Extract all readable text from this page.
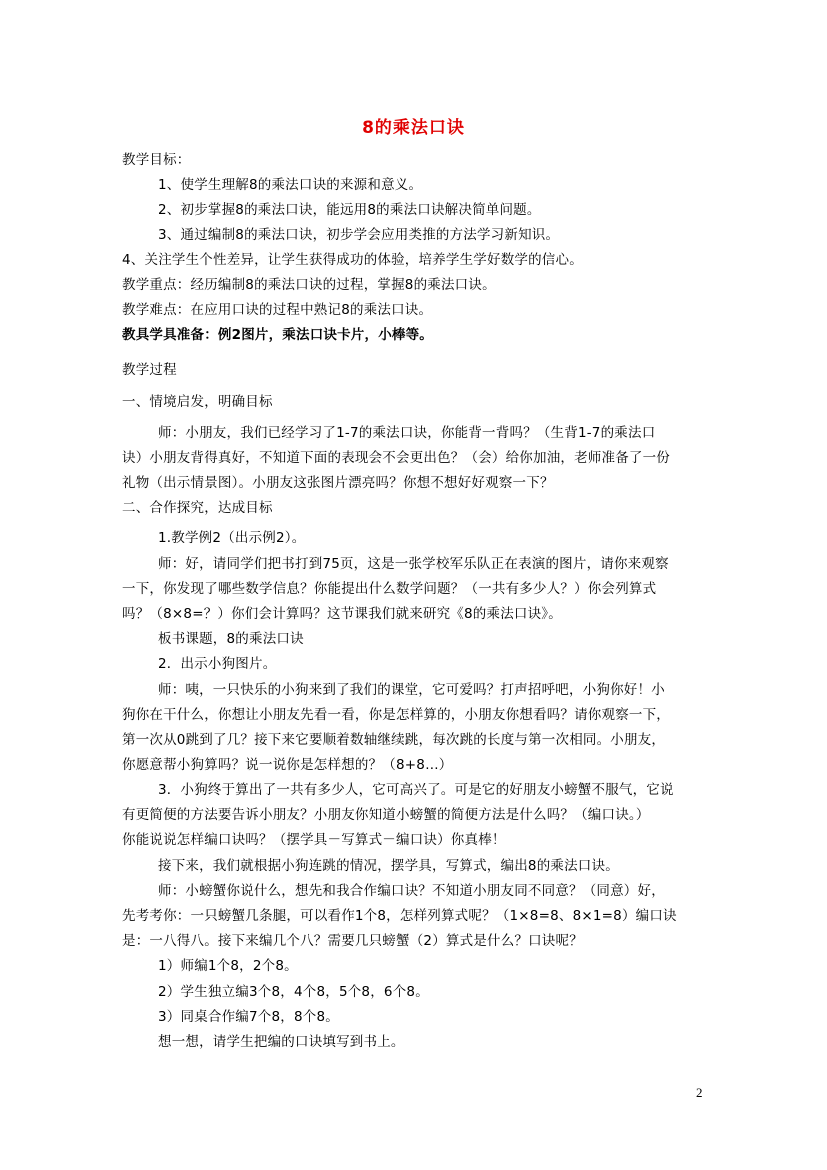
8的乘法口诀
教学目标：
1、使学生理解8的乘法口诀的来源和意义。
2、初步掌握8的乘法口诀，能远用8的乘法口诀解决简单问题。
3、通过编制8的乘法口诀，初步学会应用类推的方法学习新知识。
4、关注学生个性差异，让学生获得成功的体验，培养学生学好数学的信心。
教学重点：经历编制8的乘法口诀的过程，掌握8的乘法口诀。
教学难点：在应用口诀的过程中熟记8的乘法口诀。
教具学具准备：例2图片，乘法口诀卡片，小棒等。
教学过程
一、情境启发，明确目标
师：小朋友，我们已经学习了1-7的乘法口诀，你能背一背吗？（生背1-7的乘法口
诀）小朋友背得真好，不知道下面的表现会不会更出色？（会）给你加油，老师准备了一份
礼物（出示情景图）。小朋友这张图片漂亮吗？你想不想好好观察一下？
二、合作探究，达成目标
1.教学例2（出示例2）。
师：好，请同学们把书打到75页，这是一张学校军乐队正在表演的图片，请你来观察
一下，你发现了哪些数学信息？你能提出什么数学问题？（一共有多少人？）你会列算式
吗？（8×8=？）你们会计算吗？这节课我们就来研究《8的乘法口诀》。
板书课题，8的乘法口诀
2．出示小狗图片。
师：咦，一只快乐的小狗来到了我们的课堂，它可爱吗？打声招呼吧，小狗你好！小
狗你在干什么，你想让小朋友先看一看，你是怎样算的，小朋友你想看吗？请你观察一下，
第一次从0跳到了几？接下来它要顺着数轴继续跳，每次跳的长度与第一次相同。小朋友，
你愿意帮小狗算吗？说一说你是怎样想的？（8+8…）
3．小狗终于算出了一共有多少人，它可高兴了。可是它的好朋友小螃蟹不服气，它说
有更简便的方法要告诉小朋友？小朋友你知道小螃蟹的简便方法是什么吗？（编口诀。）
你能说说怎样编口诀吗？（摆学具－写算式－编口诀）你真棒！
接下来，我们就根据小狗连跳的情况，摆学具，写算式，编出8的乘法口诀。
师：小螃蟹你说什么，想先和我合作编口诀？不知道小朋友同不同意？（同意）好，
先考考你：一只螃蟹几条腿，可以看作1个8，怎样列算式呢？（1×8=8、8×1=8）编口诀
是：一八得八。接下来编几个八？需要几只螃蟹（2）算式是什么？口诀呢？
1）师编1个8，2个8。
2）学生独立编3个8，4个8，5个8，6个8。
3）同桌合作编7个8，8个8。
想一想，请学生把编的口诀填写到书上。
2
